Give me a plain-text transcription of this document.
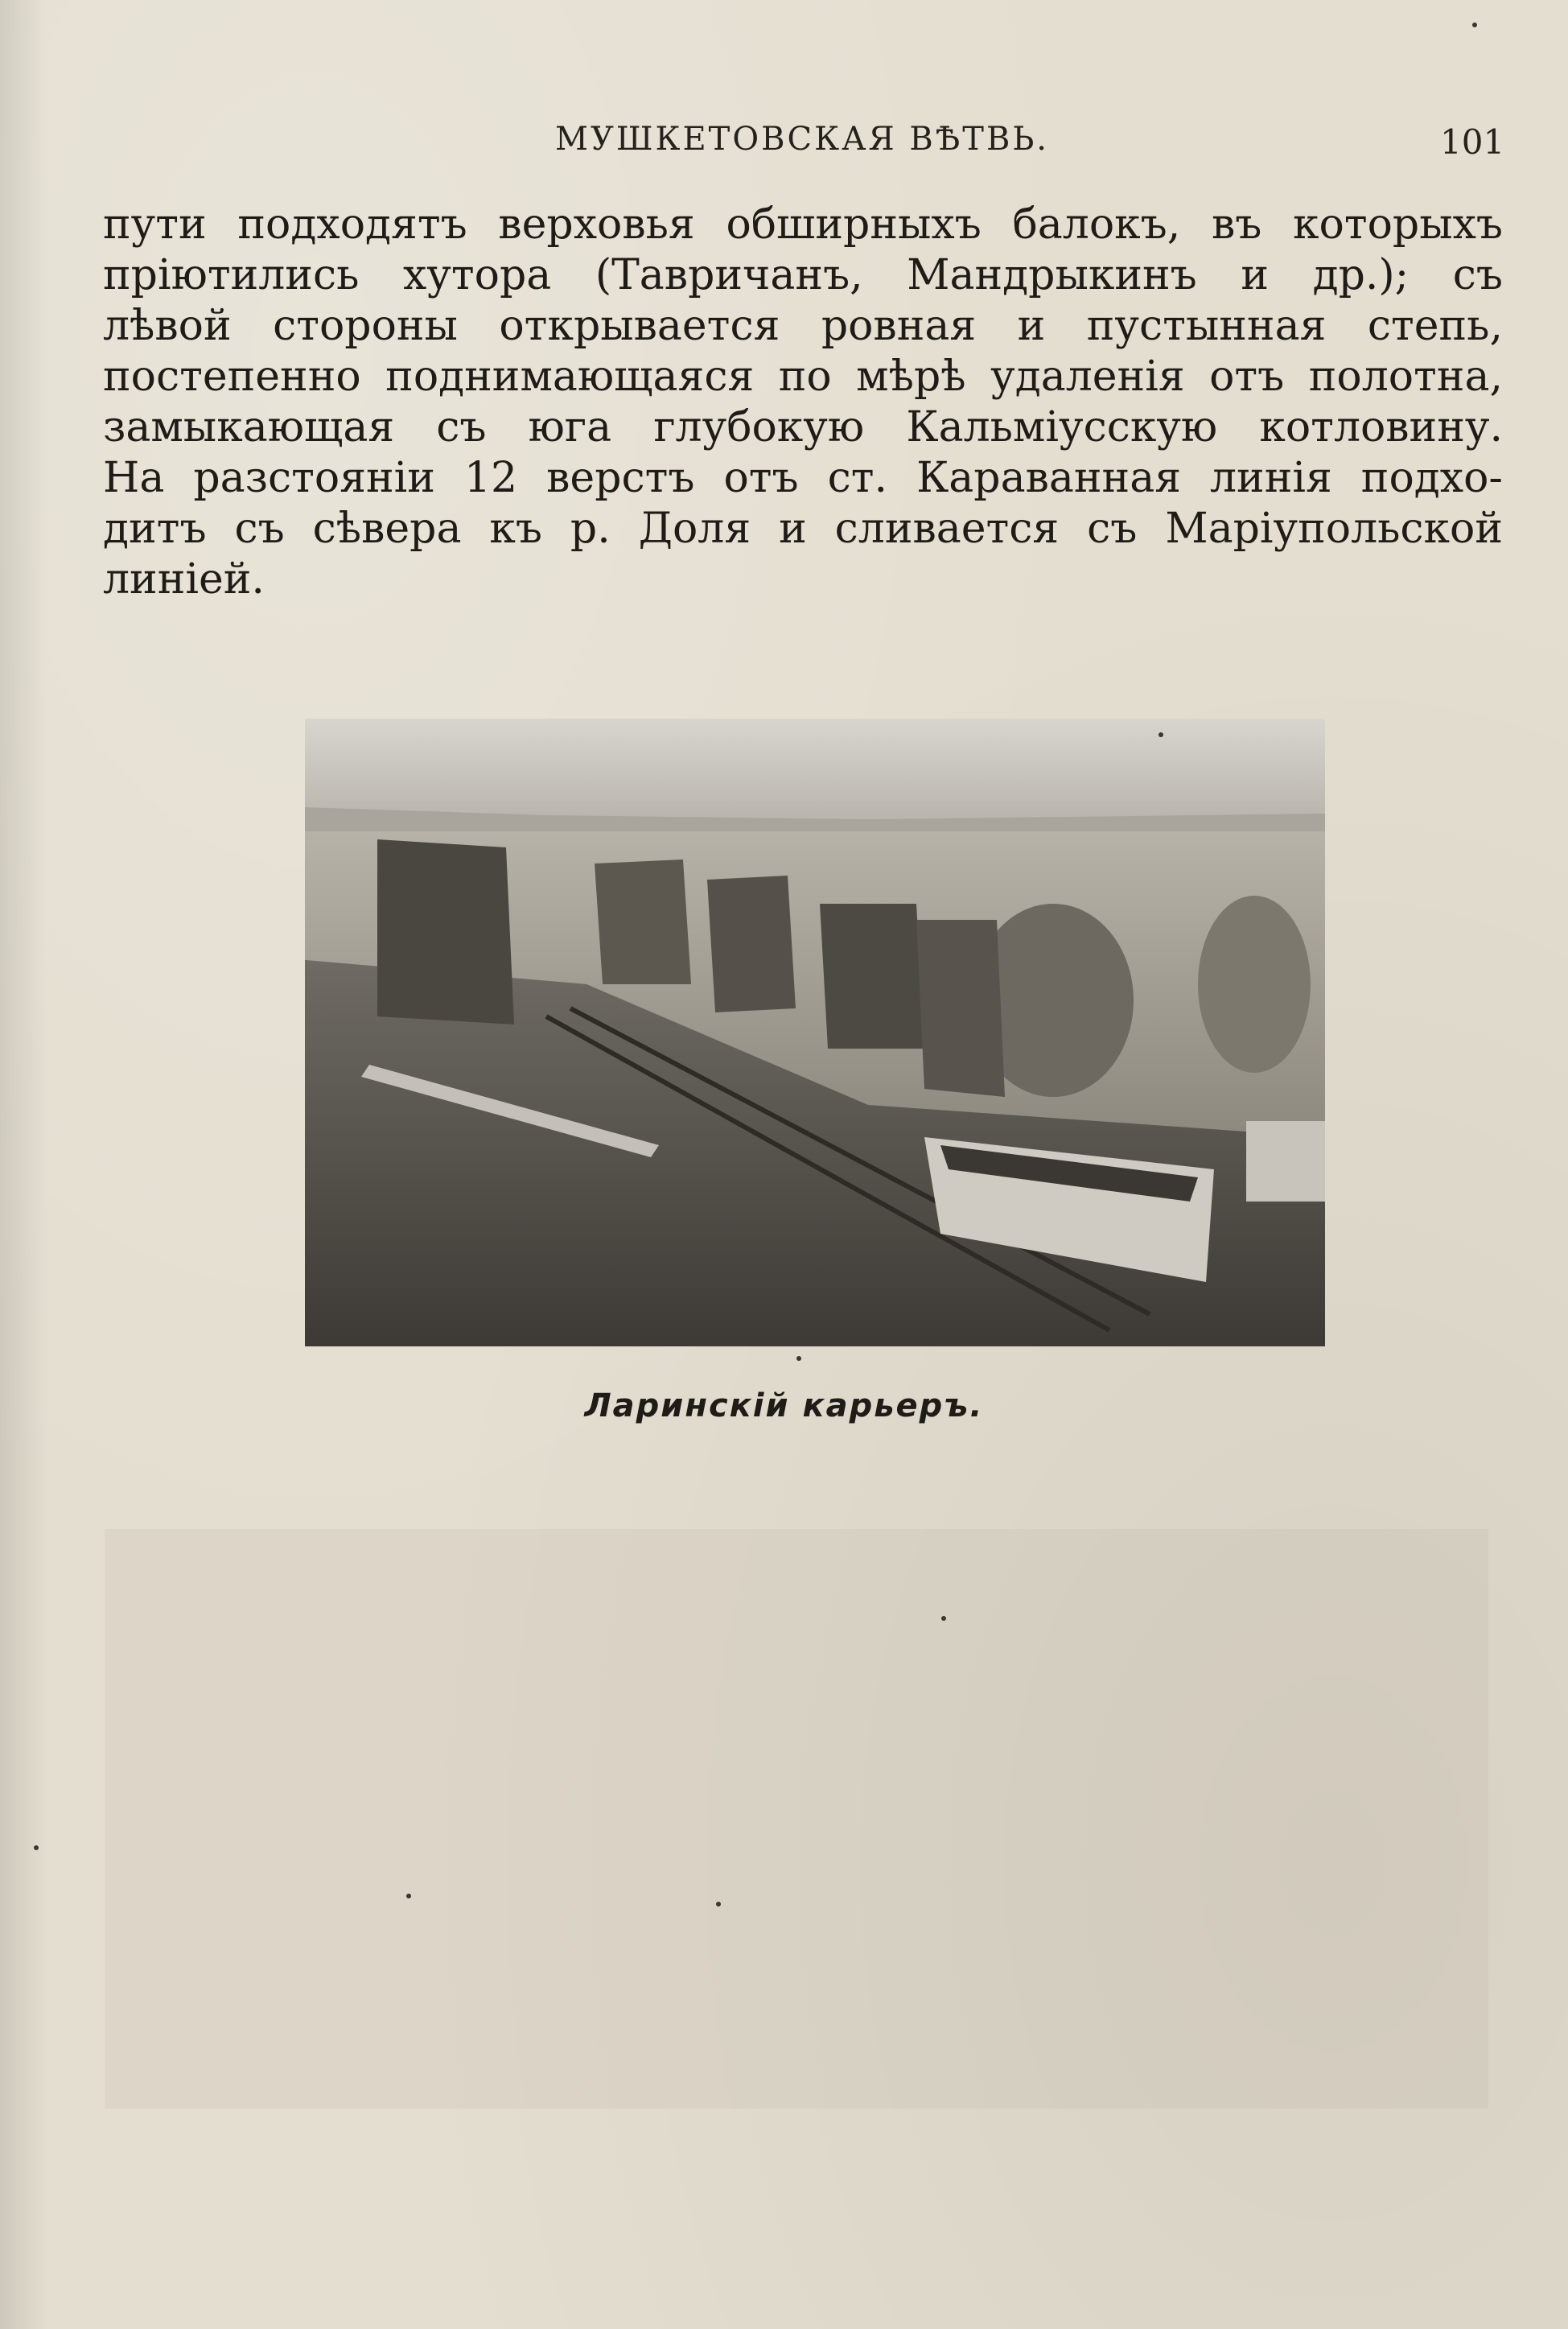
МУШКЕТОВСКАЯ ВѢТВЬ.	101
пути подходятъ верховья обширныхъ балокъ, въ которыхъ
пріютились хутора (Тавричанъ, Мандрыкинъ и др.); съ
лѣвой стороны открывается ровная и пустынная степь,
постепенно поднимающаяся по мѣрѣ удаленія отъ полотна,
замыкающая съ юга глубокую Кальміусскую котловину.
На разстояніи 12 верстъ отъ ст. Караванная линія подхо-
дитъ съ сѣвера къ р. Доля и сливается съ Маріупольской
линіей.
Ларинскій карьеръ.
